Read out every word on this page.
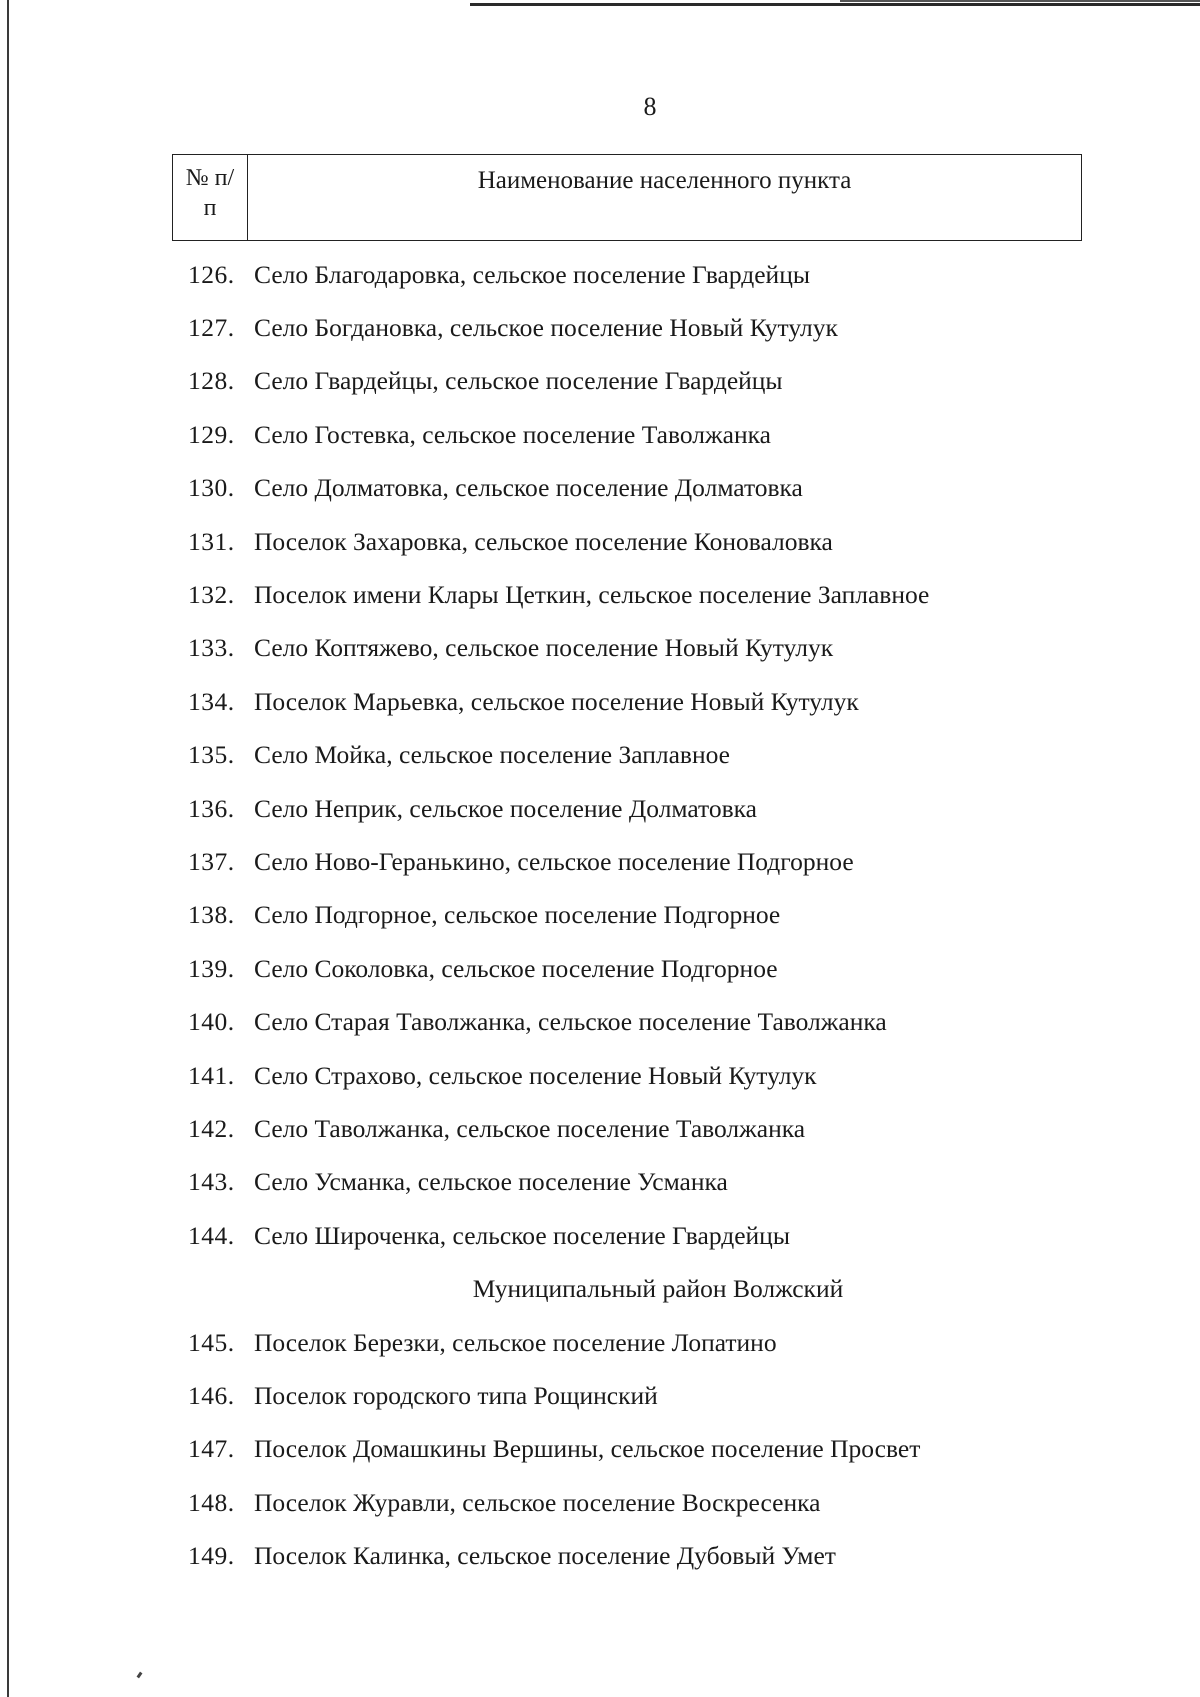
8
№ п/п
Наименование населенного пункта
126. Село Благодаровка, сельское поселение Гвардейцы
127. Село Богдановка, сельское поселение Новый Кутулук
128. Село Гвардейцы, сельское поселение Гвардейцы
129. Село Гостевка, сельское поселение Таволжанка
130. Село Долматовка, сельское поселение Долматовка
131. Поселок Захаровка, сельское поселение Коноваловка
132. Поселок имени Клары Цеткин, сельское поселение Заплавное
133. Село Коптяжево, сельское поселение Новый Кутулук
134. Поселок Марьевка, сельское поселение Новый Кутулук
135. Село Мойка, сельское поселение Заплавное
136. Село Неприк, сельское поселение Долматовка
137. Село Ново-Геранькино, сельское поселение Подгорное
138. Село Подгорное, сельское поселение Подгорное
139. Село Соколовка, сельское поселение Подгорное
140. Село Старая Таволжанка, сельское поселение Таволжанка
141. Село Страхово, сельское поселение Новый Кутулук
142. Село Таволжанка, сельское поселение Таволжанка
143. Село Усманка, сельское поселение Усманка
144. Село Широченка, сельское поселение Гвардейцы
Муниципальный район Волжский
145. Поселок Березки, сельское поселение Лопатино
146. Поселок городского типа Рощинский
147. Поселок Домашкины Вершины, сельское поселение Просвет
148. Поселок Журавли, сельское поселение Воскресенка
149. Поселок Калинка, сельское поселение Дубовый Умет
